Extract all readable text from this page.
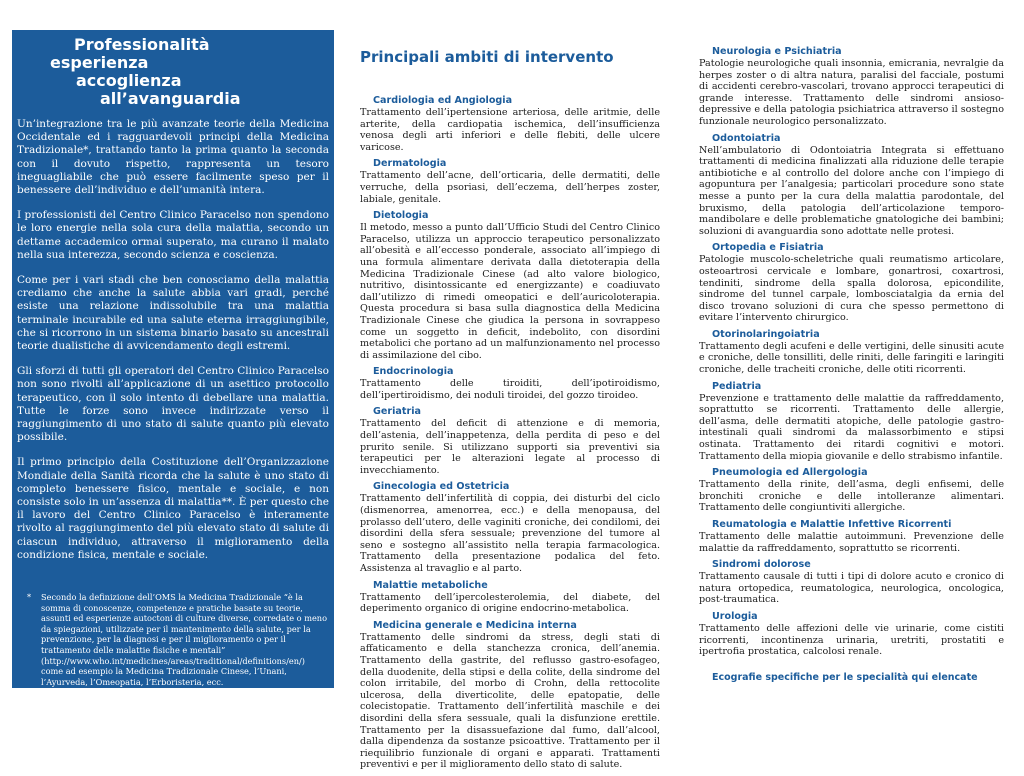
Professionalità
esperienza
accoglienza
all’avanguardia

Un’integrazione tra le più avanzate teorie della Medicina Occidentale ed i ragguardevoli principi della Medicina Tradizionale*, trattando tanto la prima quanto la seconda con il dovuto rispetto, rappresenta un tesoro ineguagliabile che può essere facilmente speso per il benessere dell’individuo e dell’umanità intera.

I professionisti del Centro Clinico Paracelso non spendono le loro energie nella sola cura della malattia, secondo un dettame accademico ormai superato, ma curano il malato nella sua interezza, secondo scienza e coscienza.

Come per i vari stadi che ben conosciamo della malattia crediamo che anche la salute abbia vari gradi, perché esiste una relazione indissolubile tra una malattia terminale incurabile ed una salute eterna irraggiungibile, che si ricorrono in un sistema binario basato su ancestrali teorie dualistiche di avvicendamento degli estremi.

Gli sforzi di tutti gli operatori del Centro Clinico Paracelso non sono rivolti all’applicazione di un asettico protocollo terapeutico, con il solo intento di debellare una malattia. Tutte le forze sono invece indirizzate verso il raggiungimento di uno stato di salute quanto più elevato possibile.

Il primo principio della Costituzione dell’Organizzazione Mondiale della Sanità ricorda che la salute è uno stato di completo benessere fisico, mentale e sociale, e non consiste solo in un’assenza di malattia**. È per questo che il lavoro del Centro Clinico Paracelso è interamente rivolto al raggiungimento del più elevato stato di salute di ciascun individuo, attraverso il miglioramento della condizione fisica, mentale e sociale.

* Secondo la definizione dell’OMS la Medicina Tradizionale “è la somma di conoscenze, competenze e pratiche basate su teorie, assunti ed esperienze autoctoni di culture diverse, corredate o meno da spiegazioni, utilizzate per il mantenimento della salute, per la prevenzione, per la diagnosi e per il miglioramento o per il trattamento delle malattie fisiche e mentali” (http://www.who.int/medicines/areas/traditional/definitions/en/) come ad esempio la Medicina Tradizionale Cinese, l’Unani, l’Ayurveda, l’Omeopatia, l’Erboristeria, ecc.
** Testo originale: “Health is a state of complete physical, mental and social well-being and not merely the absence of disease or infirmity”
Principali ambiti di intervento
Cardiologia ed Angiologia

Trattamento dell’ipertensione arteriosa, delle aritmie, delle arterite, della cardiopatia ischemica, dell’insufficienza venosa degli arti inferiori e delle flebiti, delle ulcere varicose.

Dermatologia

Trattamento dell’acne, dell’orticaria, delle dermatiti, delle verruche, della psoriasi, dell’eczema, dell’herpes zoster, labiale, genitale.

Dietologia

Il metodo, messo a punto dall’Ufficio Studi del Centro Clinico Paracelso, utilizza un approccio terapeutico personalizzato all’obesità e all’eccesso ponderale, associato all’impiego di una formula alimentare derivata dalla dietoterapia della Medicina Tradizionale Cinese (ad alto valore biologico, nutritivo, disintossicante ed energizzante) e coadiuvato dall’utilizzo di rimedi omeopatici e dell’auricoloterapia. Questa procedura si basa sulla diagnostica della Medicina Tradizionale Cinese che giudica la persona in sovrappeso come un soggetto in deficit, indebolito, con disordini metabolici che portano ad un malfunzionamento nel processo di assimilazione del cibo.

Endocrinologia

Trattamento delle tiroiditi, dell’ipotiroidismo, dell’ipertiroidismo, dei noduli tiroidei, del gozzo tiroideo.

Geriatria

Trattamento del deficit di attenzione e di memoria, dell’astenia, dell’inappetenza, della perdita di peso e del prurito senile. Si utilizzano supporti sia preventivi sia terapeutici per le alterazioni legate al processo di invecchiamento.

Ginecologia ed Ostetricia

Trattamento dell’infertilità di coppia, dei disturbi del ciclo (dismenorrea, amenorrea, ecc.) e della menopausa, del prolasso dell’utero, delle vaginiti croniche, dei condilomi, dei disordini della sfera sessuale; prevenzione del tumore al seno e sostegno all’assistito nella terapia farmacologica. Trattamento della presentazione podalica del feto. Assistenza al travaglio e al parto.

Malattie metaboliche

Trattamento dell’ipercolesterolemia, del diabete, del deperimento organico di origine endocrino-metabolica.

Medicina generale e Medicina interna

Trattamento delle sindromi da stress, degli stati di affaticamento e della stanchezza cronica, dell’anemia. Trattamento della gastrite, del reflusso gastro-esofageo, della duodenite, della stipsi e della colite, della sindrome del colon irritabile, del morbo di Crohn, della rettocolite ulcerosa, della diverticolite, delle epatopatie, delle colecistopatie. Trattamento dell’infertilità maschile e dei disordini della sfera sessuale, quali la disfunzione erettile. Trattamento per la disassuefazione dal fumo, dall’alcool, dalla dipendenza da sostanze psicoattive. Trattamento per il riequilibrio funzionale di organi e apparati. Trattamenti preventivi e per il miglioramento dello stato di salute.

Neurologia e Psichiatria

Patologie neurologiche quali insonnia, emicrania, nevralgie da herpes zoster o di altra natura, paralisi del facciale, postumi di accidenti cerebro-vascolari, trovano approcci terapeutici di grande interesse. Trattamento delle sindromi ansioso-depressive e della patologia psichiatrica attraverso il sostegno funzionale neurologico personalizzato.

Odontoiatria

Nell’ambulatorio di Odontoiatria Integrata si effettuano trattamenti di medicina finalizzati alla riduzione delle terapie antibiotiche e al controllo del dolore anche con l’impiego di agopuntura per l’analgesia; particolari procedure sono state messe a punto per la cura della malattia parodontale, del bruxismo, della patologia dell’articolazione temporo-mandibolare e delle problematiche gnatologiche dei bambini; soluzioni di avanguardia sono adottate nelle protesi.

Ortopedia e Fisiatria

Patologie muscolo-scheletriche quali reumatismo articolare, osteoartrosi cervicale e lombare, gonartrosi, coxartrosi, tendiniti, sindrome della spalla dolorosa, epicondilite, sindrome del tunnel carpale, lombosciatalgia da ernia del disco trovano soluzioni di cura che spesso permettono di evitare l’intervento chirurgico.

Otorinolaringoiatria

Trattamento degli acufeni e delle vertigini, delle sinusiti acute e croniche, delle tonsilliti, delle riniti, delle faringiti e laringiti croniche, delle tracheiti croniche, delle otiti ricorrenti.

Pediatria

Prevenzione e trattamento delle malattie da raffreddamento, soprattutto se ricorrenti. Trattamento delle allergie, dell’asma, delle dermatiti atopiche, delle patologie gastro-intestinali quali sindromi da malassorbimento e stipsi ostinata. Trattamento dei ritardi cognitivi e motori. Trattamento della miopia giovanile e dello strabismo infantile.

Pneumologia ed Allergologia

Trattamento della rinite, dell’asma, degli enfisemi, delle bronchiti croniche e delle intolleranze alimentari. Trattamento delle congiuntiviti allergiche.

Reumatologia e Malattie Infettive Ricorrenti

Trattamento delle malattie autoimmuni. Prevenzione delle malattie da raffreddamento, soprattutto se ricorrenti.

Sindromi dolorose

Trattamento causale di tutti i tipi di dolore acuto e cronico di natura ortopedica, reumatologica, neurologica, oncologica, post-traumatica.

Urologia

Trattamento delle affezioni delle vie urinarie, come cistiti ricorrenti, incontinenza urinaria, uretriti, prostatiti e ipertrofia prostatica, calcolosi renale.

Ecografie specifiche per le specialità qui elencate
